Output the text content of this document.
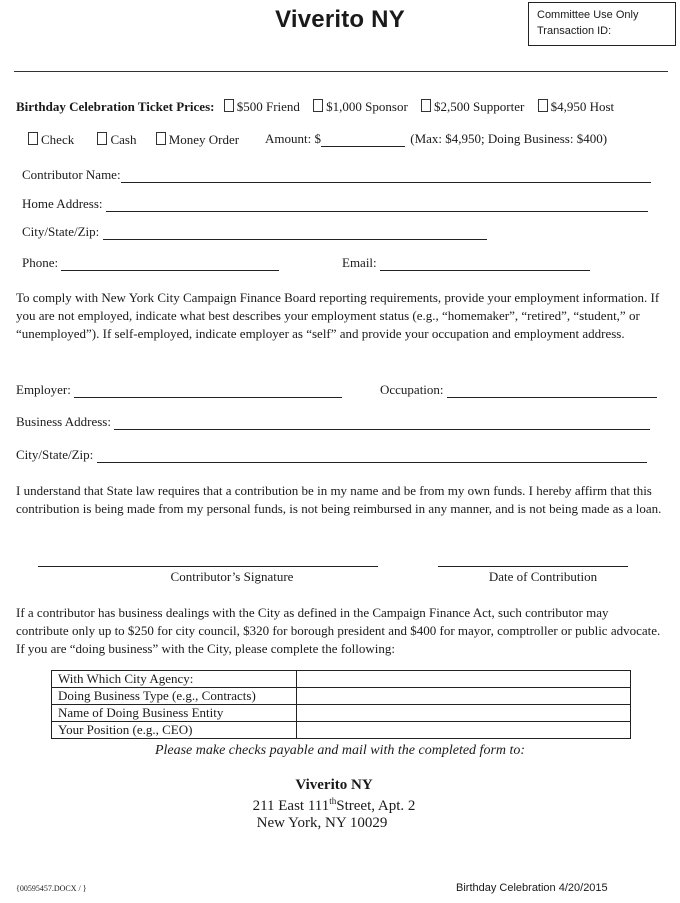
Viverito NY	Committee Use Only
Transaction ID:
Birthday Celebration Ticket Prices: $500 Friend $1,000 Sponsor $2,500 Supporter $4,950 Host
Check	Cash Money Order Amount: $	(Max: $4,950; Doing Business: $400)
Contributor Name:
Home Address:
City/State/Zip:
Phone:	Email:
To comply with New York City Campaign Finance Board reporting requirements, provide your employment information. If you are not employed, indicate what best describes your employment status (e.g., “homemaker”, “retired”, “student,” or “unemployed”). If self-employed, indicate employer as “self” and provide your occupation and employment address.
Employer:	Occupation:
Business Address:
City/State/Zip:
I understand that State law requires that a contribution be in my name and be from my own funds. I hereby affirm that this contribution is being made from my personal funds, is not being reimbursed in any manner, and is not being made as a loan.
Contributor’s Signature	Date of Contribution
If a contributor has business dealings with the City as defined in the Campaign Finance Act, such contributor may contribute only up to $250 for city council, $320 for borough president and $400 for mayor, comptroller or public advocate. If you are “doing business” with the City, please complete the following:
With Which City Agency:	
Doing Business Type (e.g., Contracts)	
Name of Doing Business Entity	
Your Position (e.g., CEO)	
Please make checks payable and mail with the completed form to:
Viverito NY
211 East 111thStreet, Apt. 2
New York, NY 10029
{00595457.DOCX / }	Birthday Celebration 4/20/2015
